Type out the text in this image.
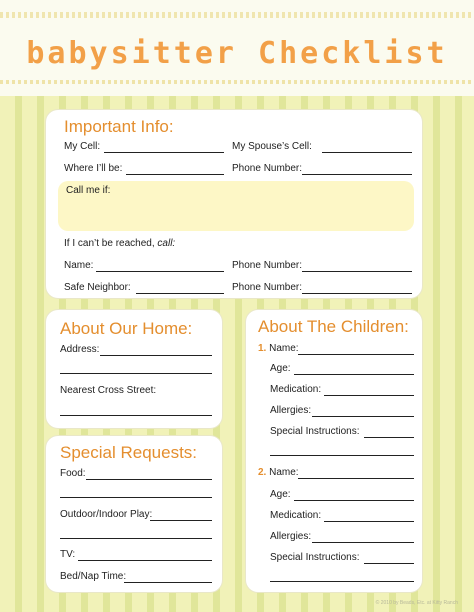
babysitter Checklist
Important Info:
My Cell:	My Spouse’s Cell:
Where I’ll be:	Phone Number:
Call me if:
If I can’t be reached, call:
Name:	Phone Number:
Safe Neighbor:	Phone Number:
About Our Home:
Address:
Nearest Cross Street:
Special Requests:
Food:
Outdoor/Indoor Play:
TV:
Bed/Nap Time:
About The Children:
1. Name:
Age:
Medication:
Allergies:
Special Instructions:
2. Name:
Age:
Medication:
Allergies:
Special Instructions:
© 2010 by Beads, Etc. at Kitty Ranch
